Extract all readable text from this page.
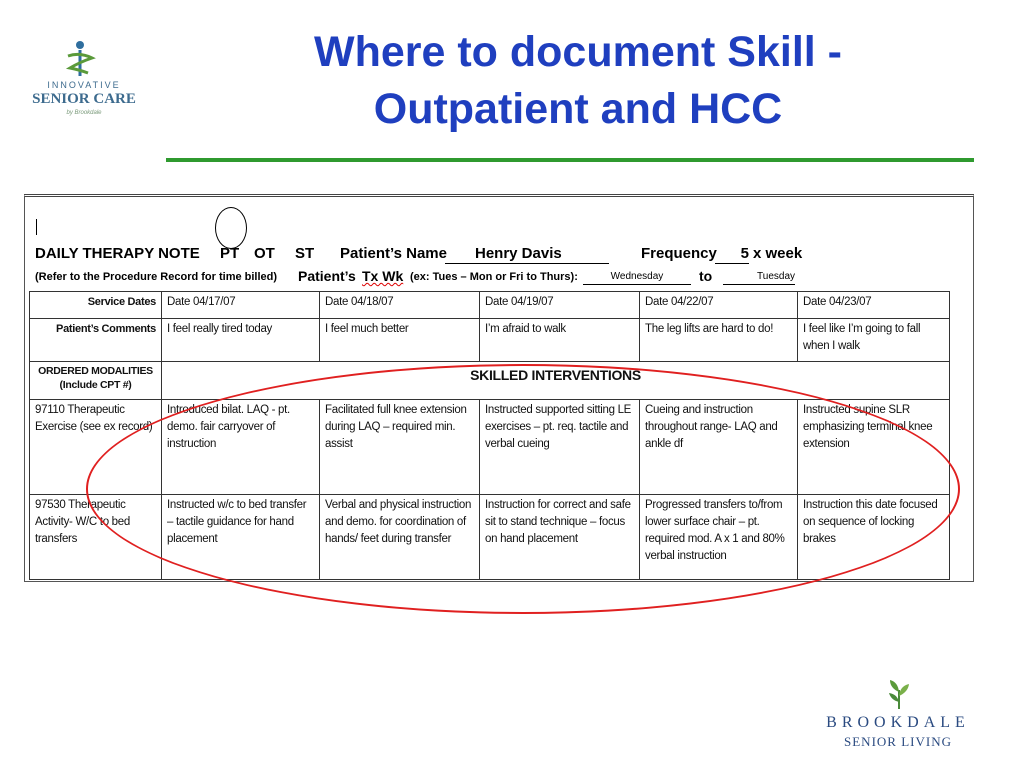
INNOVATIVE
SENIOR CARE
by Brookdale
Where to document Skill -
Outpatient and HCC
DAILY THERAPY NOTE PT OT ST Patient’s Name	Henry Davis	Frequency	5 x week
(Refer to the Procedure Record for time billed) Patient’s Tx Wk (ex: Tues – Mon or Fri to Thurs):	Wednesday	to	Tuesday
Service Dates	Date 04/17/07	Date 04/18/07	Date 04/19/07	Date 04/22/07	Date 04/23/07
Patient’s Comments	I feel really tired today	I feel much better	I’m afraid to walk	The leg lifts are hard to do!	I feel like I’m going to fall when I walk
ORDERED MODALITIES (Include CPT #)	SKILLED INTERVENTIONS				
97110 Therapeutic Exercise (see ex record)	Introduced bilat. LAQ - pt. demo. fair carryover of instruction	Facilitated full knee extension during LAQ – required min. assist	Instructed supported sitting LE exercises – pt. req. tactile and verbal cueing	Cueing and instruction throughout range- LAQ and ankle df	Instructed supine SLR emphasizing terminal knee extension
97530 Therapeutic Activity- W/C to bed transfers	Instructed w/c to bed transfer – tactile guidance for hand placement	Verbal and physical instruction and demo. for coordination of hands/ feet during transfer	Instruction for correct and safe sit to stand technique – focus on hand placement	Progressed transfers to/from lower surface chair – pt. required mod. A x 1 and 80% verbal instruction	Instruction this date focused on sequence of locking brakes
BROOKDALE
SENIOR LIVING
